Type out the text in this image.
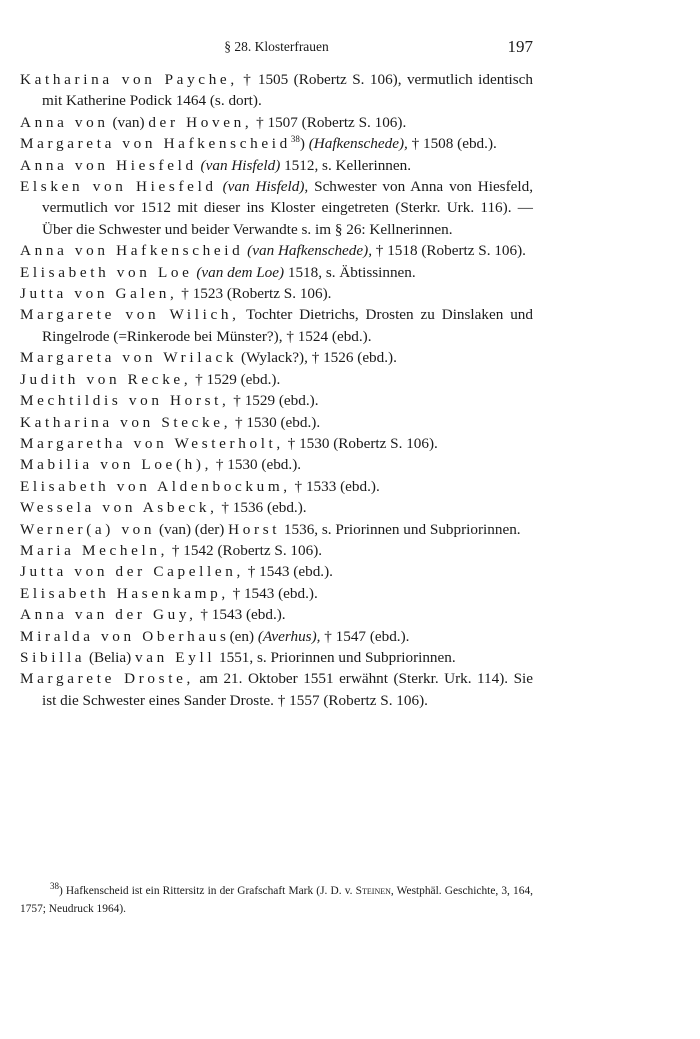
§ 28. Klosterfrauen	197

Katharina von Payche, † 1505 (Robertz S. 106), vermutlich identisch mit Katherine Podick 1464 (s. dort).

Anna von (van) der Hoven, † 1507 (Robertz S. 106).

Margareta von Hafkenscheid$^{38}$) (Hafkenschede), † 1508 (ebd.).

Anna von Hiesfeld (van Hisfeld) 1512, s. Kellerinnen.

Elsken von Hiesfeld (van Hisfeld), Schwester von Anna von Hiesfeld, vermutlich vor 1512 mit dieser ins Kloster eingetreten (Sterkr. Urk. 116). — Über die Schwester und beider Verwandte s. im § 26: Kellnerinnen.

Anna von Hafkenscheid (van Hafkenschede), † 1518 (Robertz S. 106).

Elisabeth von Loe (van dem Loe) 1518, s. Äbtissinnen.

Jutta von Galen, † 1523 (Robertz S. 106).

Margarete von Wilich, Tochter Dietrichs, Drosten zu Dinslaken und Ringelrode (=Rinkerode bei Münster?), † 1524 (ebd.).

Margareta von Wrilack (Wylack?), † 1526 (ebd.).

Judith von Recke, † 1529 (ebd.).

Mechtildis von Horst, † 1529 (ebd.).

Katharina von Stecke, † 1530 (ebd.).

Margaretha von Westerholt, † 1530 (Robertz S. 106).

Mabilia von Loe(h), † 1530 (ebd.).

Elisabeth von Aldenbockum, † 1533 (ebd.).

Wessela von Asbeck, † 1536 (ebd.).

Werner(a) von (van) (der) Horst 1536, s. Priorinnen und Subpriorinnen.

Maria Mecheln, † 1542 (Robertz S. 106).

Jutta von der Capellen, † 1543 (ebd.).

Elisabeth Hasenkamp, † 1543 (ebd.).

Anna van der Guy, † 1543 (ebd.).

Miralda von Oberhaus(en) (Averhus), † 1547 (ebd.).

Sibilla (Belia) van Eyll 1551, s. Priorinnen und Subpriorinnen.

Margarete Droste, am 21. Oktober 1551 erwähnt (Sterkr. Urk. 114). Sie ist die Schwester eines Sander Droste. † 1557 (Robertz S. 106).

$^{38}$) Hafkenscheid ist ein Rittersitz in der Grafschaft Mark (J. D. v. Steinen, Westphäl. Geschichte, 3, 164, 1757; Neudruck 1964).
